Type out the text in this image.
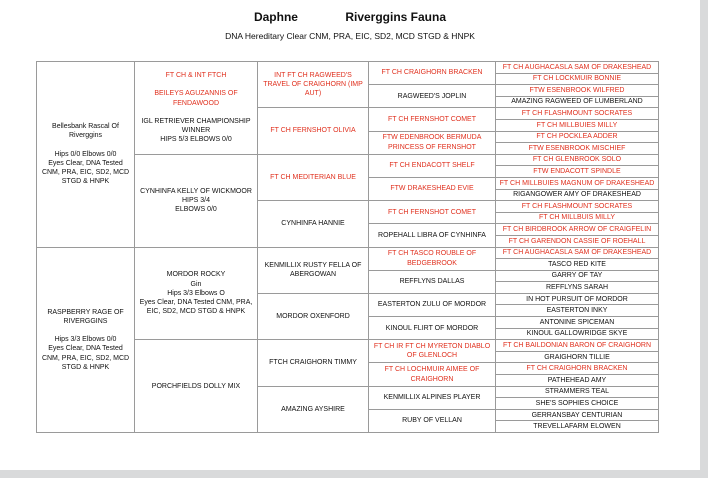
Daphne	Riverggins Fauna
DNA Hereditary Clear CNM, PRA, EIC, SD2, MCD STGD & HNPK
Bellesbank Rascal Of Riverggins

Hips 0/0 Elbows 0/0
Eyes Clear, DNA Tested CNM, PRA, EIC, SD2, MCD STGD & HNPK	FT CH & INT FTCH

BEILEYS AGUZANNIS OF FENDAWOOD

IGL RETRIEVER CHAMPIONSHIP WINNER
HIPS 5/3 ELBOWS 0/0	INT FT CH RAGWEED'S TRAVEL OF CRAIGHORN (IMP AUT)	FT CH CRAIGHORN BRACKEN	FT CH AUGHACASLA SAM OF DRAKESHEAD
				FT CH LOCKMUIR BONNIE
			RAGWEED'S JOPLIN	FTW ESENBROOK WILFRED
				AMAZING RAGWEED OF LUMBERLAND
		FT CH FERNSHOT OLIVIA	FT CH FERNSHOT COMET	FT CH FLASHMOUNT SOCRATES
				FT CH MILLBUIES MILLY
			FTW EDENBROOK BERMUDA PRINCESS OF FERNSHOT	FT CH POCKLEA ADDER
				FTW ESENBROOK MISCHIEF

	CYNHINFA KELLY OF WICKMOOR
HIPS 3/4
ELBOWS 0/0	FT CH MEDITERIAN BLUE	FT CH ENDACOTT SHELF	FT CH GLENBROOK SOLO
				FTW ENDACOTT SPINDLE
			FTW DRAKESHEAD EVIE	FT CH MILLBUIES MAGNUM OF DRAKESHEAD
				RIGANGOWER AMY OF DRAKESHEAD
		CYNHINFA HANNIE	FT CH FERNSHOT COMET	FT CH FLASHMOUNT SOCRATES
				FT CH MILLBUIS MILLY
			ROPEHALL LIBRA OF CYNHINFA	FT CH BIRDBROOK ARROW OF CRAIGFELIN
				FT CH GARENDON CASSIE OF ROEHALL

RASPBERRY RAGE OF RIVERGGINS

Hips 3/3 Elbows 0/0
Eyes Clear, DNA Tested CNM, PRA, EIC, SD2, MCD STGD & HNPK	MORDOR ROCKY
Gin
Hips 3/3 Elbows O
Eyes Clear, DNA Tested CNM, PRA, EIC, SD2, MCD STGD & HNPK	KENMILLIX RUSTY FELLA OF ABERGOWAN	FT CH TASCO ROUBLE OF BEDGEBROOK	FT CH AUGHACASLA SAM OF DRAKESHEAD
				TASCO RED KITE
			REFFLYNS DALLAS	GARRY OF TAY
				REFFLYNS SARAH
		MORDOR OXENFORD	EASTERTON ZULU OF MORDOR	IN HOT PURSUIT OF MORDOR
				EASTERTON INKY
			KINOUL FLIRT OF MORDOR	ANTONINE SPICEMAN
				KINOUL GALLOWRIDGE SKYE
	PORCHFIELDS DOLLY MIX	FTCH CRAIGHORN TIMMY	FT CH IR FT CH MYRETON DIABLO OF GLENLOCH	FT CH BAILDONIAN BARON OF CRAIGHORN
				GRAIGHORN TILLIE
			FT CH LOCHMUIR AIMEE OF CRAIGHORN	FT CH CRAIGHORN BRACKEN
				PATHEHEAD AMY
		AMAZING AYSHIRE	KENMILLIX ALPINES PLAYER	STRAMMERS TEAL
				SHE'S SOPHIES CHOICE
			RUBY OF VELLAN	GERRANSBAY CENTURIAN
				TREVELLAFARM ELOWEN
